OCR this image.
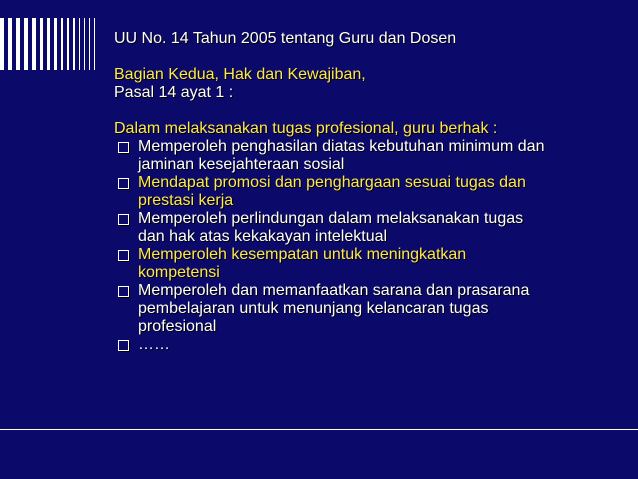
UU No. 14 Tahun 2005 tentang Guru dan Dosen
Bagian Kedua, Hak dan Kewajiban,
Pasal 14 ayat 1 :
Dalam melaksanakan tugas profesional, guru berhak :
Memperoleh penghasilan diatas kebutuhan minimum dan
jaminan kesejahteraan sosial
Mendapat promosi dan penghargaan sesuai tugas dan
prestasi kerja
Memperoleh perlindungan dalam melaksanakan tugas
dan hak atas kekakayan intelektual
Memperoleh kesempatan untuk meningkatkan
kompetensi
Memperoleh dan memanfaatkan sarana dan prasarana
pembelajaran untuk menunjang kelancaran tugas
profesional
……
